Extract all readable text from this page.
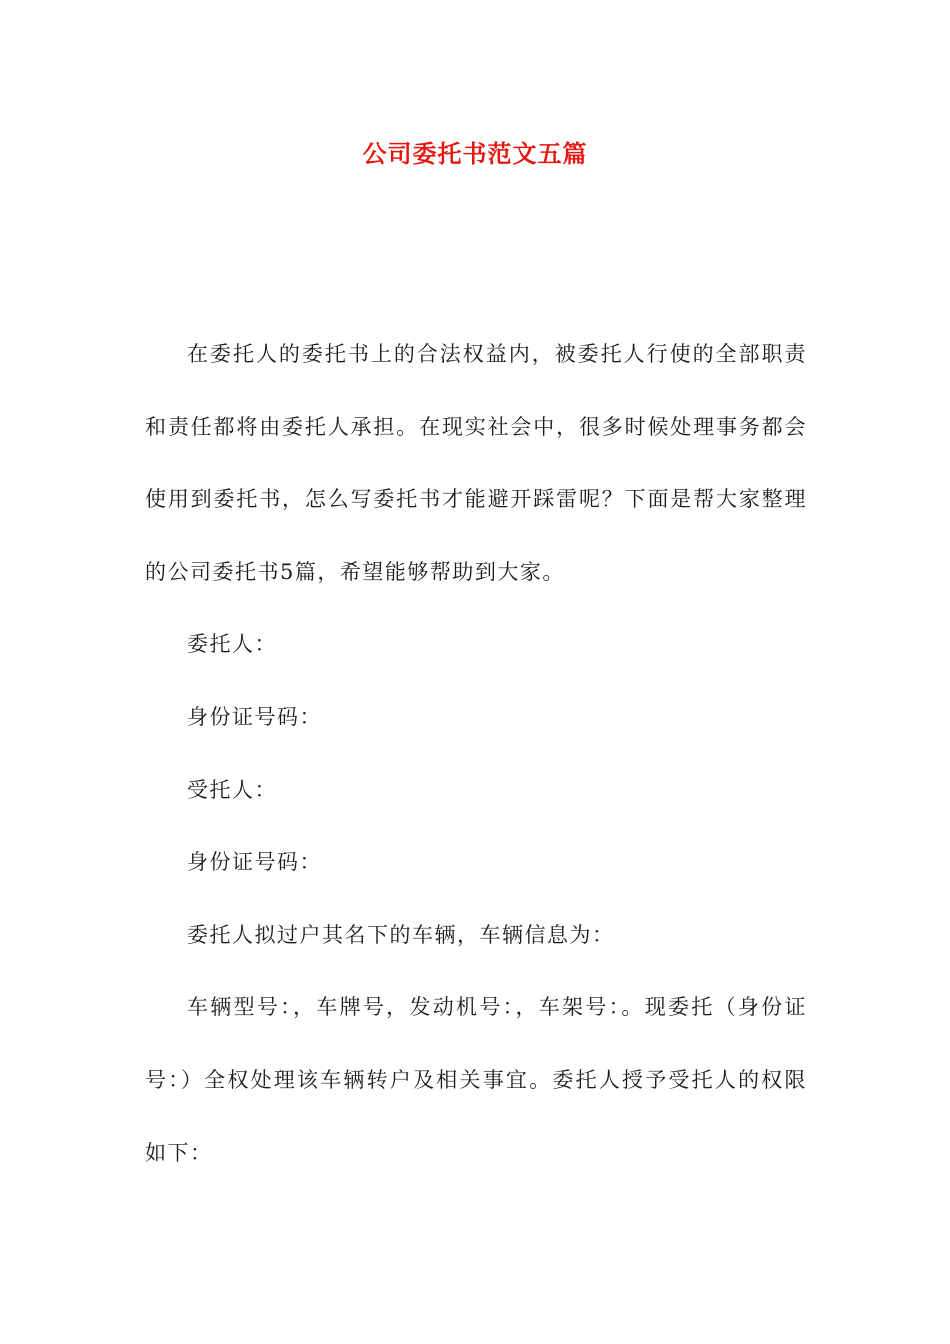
公司委托书范文五篇

在委托人的委托书上的合法权益内，被委托人行使的全部职责和责任都将由委托人承担。在现实社会中，很多时候处理事务都会使用到委托书，怎么写委托书才能避开踩雷呢？下面是帮大家整理的公司委托书5篇，希望能够帮助到大家。

委托人：

身份证号码：

受托人：

身份证号码：

委托人拟过户其名下的车辆，车辆信息为：

车辆型号：，车牌号，发动机号：，车架号：。现委托（身份证号：）全权处理该车辆转户及相关事宜。委托人授予受托人的权限如下：
